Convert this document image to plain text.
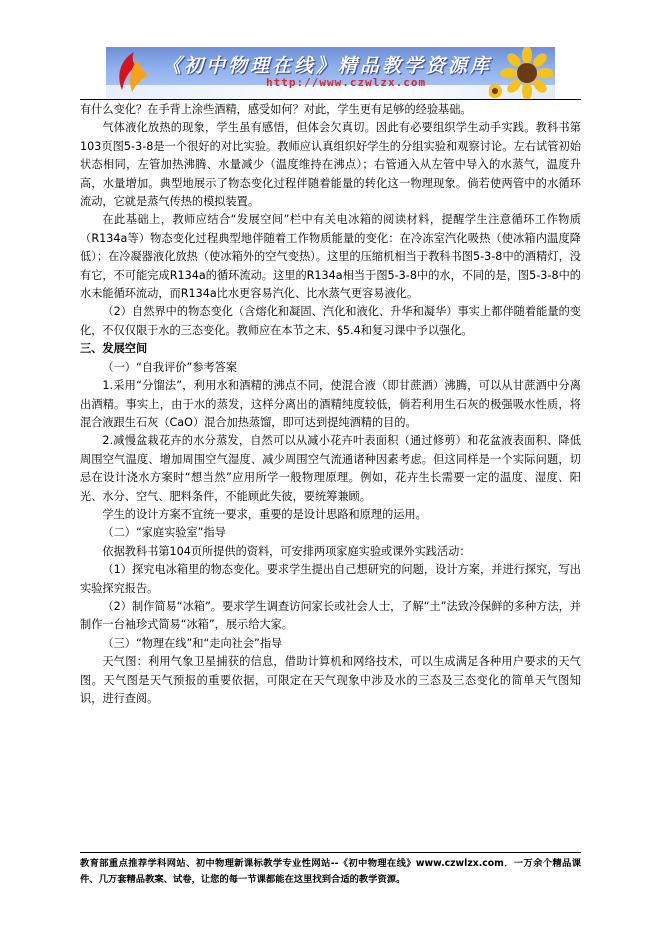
《初中物理在线》精品教学资源库
http://www.czwlzx.com

有什么变化？在手背上涂些酒精，感受如何？对此，学生更有足够的经验基础。

气体液化放热的现象，学生虽有感悟，但体会欠真切。因此有必要组织学生动手实践。教科书第103页图5-3-8是一个很好的对比实验。教师应认真组织好学生的分组实验和观察讨论。左右试管初始状态相同，左管加热沸腾、水量减少（温度维持在沸点）；右管通入从左管中导入的水蒸气，温度升高，水量增加。典型地展示了物态变化过程伴随着能量的转化这一物理现象。倘若使两管中的水循环流动，它就是蒸气传热的模拟装置。

在此基础上，教师应结合“发展空间”栏中有关电冰箱的阅读材料，提醒学生注意循环工作物质（R134a等）物态变化过程典型地伴随着工作物质能量的变化：在冷冻室汽化吸热（使冰箱内温度降低）；在冷凝器液化放热（使冰箱外的空气变热）。这里的压缩机相当于教科书图5-3-8中的酒精灯，没有它，不可能完成R134a的循环流动。这里的R134a相当于图5-3-8中的水，不同的是，图5-3-8中的水未能循环流动，而R134a比水更容易汽化、比水蒸气更容易液化。

（2）自然界中的物态变化（含熔化和凝固、汽化和液化、升华和凝华）事实上都伴随着能量的变化，不仅仅限于水的三态变化。教师应在本节之末、§5.4和复习课中予以强化。

三、发展空间

（一）“自我评价”参考答案

1.采用“分馏法”，利用水和酒精的沸点不同，使混合液（即甘蔗酒）沸腾，可以从甘蔗酒中分离出酒精。事实上，由于水的蒸发，这样分离出的酒精纯度较低，倘若利用生石灰的极强吸水性质，将混合液跟生石灰（CaO）混合加热蒸馏，即可达到提纯酒精的目的。

2.减慢盆栽花卉的水分蒸发，自然可以从减小花卉叶表面积（通过修剪）和花盆液表面积、降低周围空气温度、增加周围空气湿度、减少周围空气流通诸种因素考虑。但这同样是一个实际问题，切忌在设计浇水方案时“想当然”应用所学一般物理原理。例如，花卉生长需要一定的温度、湿度、阳光、水分、空气、肥料条件，不能顾此失彼，要统筹兼顾。

学生的设计方案不宜统一要求，重要的是设计思路和原理的运用。

（二）“家庭实验室”指导

依据教科书第104页所提供的资料，可安排两项家庭实验或课外实践活动：

（1）探究电冰箱里的物态变化。要求学生提出自己想研究的问题，设计方案，并进行探究，写出实验探究报告。

（2）制作简易“冰箱”。要求学生调查访问家长或社会人士，了解“土”法致冷保鲜的多种方法，并制作一台袖珍式简易“冰箱”，展示给大家。

（三）“物理在线”和“走向社会”指导

天气图：利用气象卫星捕获的信息，借助计算机和网络技术，可以生成满足各种用户要求的天气图。天气图是天气预报的重要依据，可限定在天气现象中涉及水的三态及三态变化的简单天气图知识，进行查阅。

教育部重点推荐学科网站、初中物理新课标教学专业性网站--《初中物理在线》www.czwlzx.com．一万余个精品课件、几万套精品教案、试卷，让您的每一节课都能在这里找到合适的教学资源。
